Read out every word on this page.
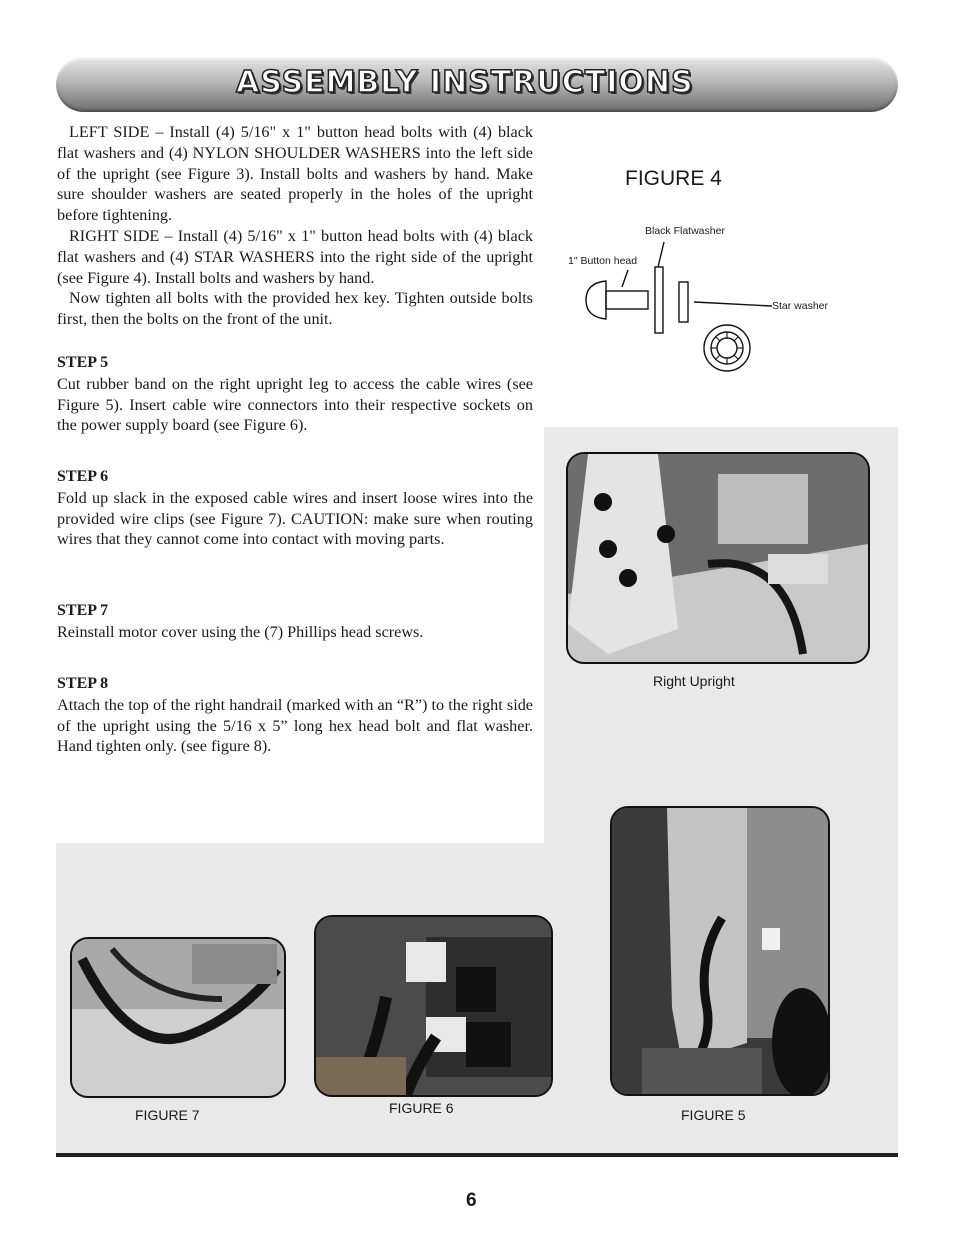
ASSEMBLY INSTRUCTIONS

LEFT SIDE – Install (4) 5/16" x 1" button head bolts with (4) black flat washers and (4) NYLON SHOULDER WASHERS into the left side of the upright (see Figure 3). Install bolts and washers by hand. Make sure shoulder washers are seated properly in the holes of the upright before tightening.

RIGHT SIDE – Install (4) 5/16" x 1" button head bolts with (4) black flat washers and (4) STAR WASHERS into the right side of the upright (see Figure 4). Install bolts and washers by hand.

Now tighten all bolts with the provided hex key. Tighten outside bolts first, then the bolts on the front of the unit.

STEP 5

Cut rubber band on the right upright leg to access the cable wires (see Figure 5). Insert cable wire connectors into their respective sockets on the power supply board (see Figure 6).

STEP 6

Fold up slack in the exposed cable wires and insert loose wires into the provided wire clips (see Figure 7). CAUTION: make sure when routing wires that they cannot come into contact with moving parts.

STEP 7

Reinstall motor cover using the (7) Phillips head screws.

STEP 8

Attach the top of the right handrail (marked with an “R”) to the right side of the upright using the 5/16 x 5” long hex head bolt and flat washer. Hand tighten only. (see figure 8).

FIGURE 4
Black Flatwasher
1" Button head
Star washer
Right Upright
FIGURE 7	FIGURE 6	FIGURE 5
6
